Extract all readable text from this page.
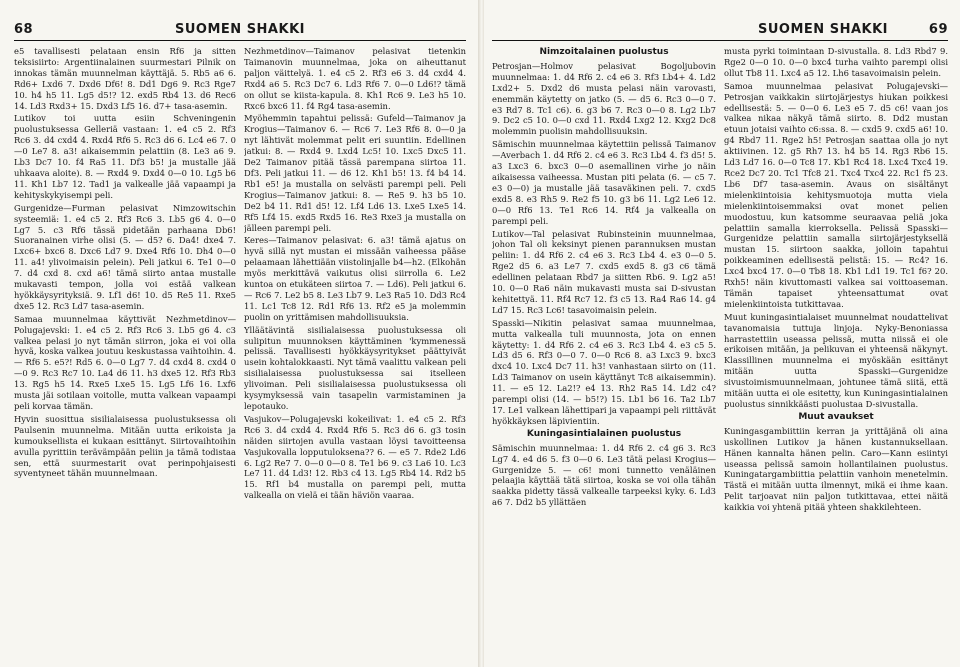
68	SUOMEN SHAKKI

e5 tavallisesti pelataan ensin Rf6 ja sitten teksisiirto: Argentiinalainen suurmestari Pilnik on innokas tämän muunnelman käyttäjä. 5. Rb5 a6 6. Rd6+ Lxd6 7. Dxd6 Df6! 8. Dd1 Dg6 9. Rc3 Rge7 10. h4 h5 11. Lg5 d5!? 12. exd5 Rb4 13. d6 Rec6 14. Ld3 Rxd3+ 15. Dxd3 Lf5 16. d7+ tasa-asemin.

Lutikov toi uutta esiin Schveningenin puolustuksessa Gelleriä vastaan: 1. e4 c5 2. Rf3 Rc6 3. d4 cxd4 4. Rxd4 Rf6 5. Rc3 d6 6. Lc4 e6 7. 0—0 Le7 8. a3! aikaisemmin pelattiin (8. Le3 a6 9. Lb3 Dc7 10. f4 Ra5 11. Df3 b5! ja mustalle jää uhkaava aloite). 8. — Rxd4 9. Dxd4 0—0 10. Lg5 b6 11. Kh1 Lb7 12. Tad1 ja valkealle jää vapaampi ja kehityskykyisempi peli.

Gurgenidze—Furman pelasivat Nimzowitschin systeemiä: 1. e4 c5 2. Rf3 Rc6 3. Lb5 g6 4. 0—0 Lg7 5. c3 Rf6 tässä pidetään parhaana Db6! Suoranainen virhe olisi (5. — d5? 6. Da4! dxe4 7. Lxc6+ bxc6 8. Dxc6 Ld7 9. Dxe4 Rf6 10. Dh4 0—0 11. a4! ylivoimaisin pelein). Peli jatkui 6. Te1 0—0 7. d4 cxd 8. cxd a6! tämä siirto antaa mustalle mukavasti tempon, jolla voi estää valkean hyökkäysyrityksiä. 9. Lf1 d6! 10. d5 Re5 11. Rxe5 dxe5 12. Rc3 Ld7 tasa-asemin.

Samaa muunnelmaa käyttivät Nezhmetdinov—Polugajevski: 1. e4 c5 2. Rf3 Rc6 3. Lb5 g6 4. c3 valkea pelasi jo nyt tämän siirron, joka ei voi olla hyvä, koska valkea joutuu keskustassa vaihtoihin. 4. — Rf6 5. e5?! Rd5 6. 0—0 Lg7 7. d4 cxd4 8. cxd4 0—0 9. Rc3 Rc7 10. La4 d6 11. h3 dxe5 12. Rf3 Rb3 13. Rg5 h5 14. Rxe5 Lxe5 15. Lg5 Lf6 16. Lxf6 musta jäi sotilaan voitolle, mutta valkean vapaampi peli korvaa tämän.

Hyvin suosittua sisilialaisessa puolustuksessa oli Paulsenin muunnelma. Mitään uutta erikoista ja kumouksellista ei kukaan esittänyt. Siirtovaihtoihin avulla pyrittiin terävämpään peliin ja tämä todistaa sen, että suurmestarit ovat perinpohjaisesti syventyneet tähän muunnelmaan.

Nezhmetdinov—Taimanov pelasivat tietenkin Taimanovin muunnelmaa, joka on aiheuttanut paljon väittelyä. 1. e4 c5 2. Rf3 e6 3. d4 cxd4 4. Rxd4 a6 5. Rc3 Dc7 6. Ld3 Rf6 7. 0—0 Ld6!? tämä on ollut se kiista-kapula. 8. Kh1 Rc6 9. Le3 h5 10. Rxc6 bxc6 11. f4 Rg4 tasa-asemin.

Myöhemmin tapahtui pelissä: Gufeld—Taimanov ja Krogius—Taimanov 6. — Rc6 7. Le3 Rf6 8. 0—0 ja nyt lähtivät molemmat pelit eri suuntiin. Edellinen jatkui: 8. — Rxd4 9. Lxd4 Lc5! 10. Lxc5 Dxc5 11. De2 Taimanov pitää tässä parempana siirtoa 11. Df3. Peli jatkui 11. — d6 12. Kh1 b5! 13. f4 b4 14. Rb1 e5! ja mustalla on selvästi parempi peli. Peli Krogius—Taimanov jatkui: 8. — Re5 9. h3 b5 10. De2 b4 11. Rd1 d5! 12. Lf4 Ld6 13. Lxe5 Lxe5 14. Rf5 Lf4 15. exd5 Rxd5 16. Re3 Rxe3 ja mustalla on jälleen parempi peli.

Keres—Taimanov pelasivat: 6. a3! tämä ajatus on hyvä sillä nyt mustan ei missään vaiheessa pääse pelaamaan lähettiään viistolinjalle b4—h2. (Elkohän myös merkittävä vaikutus olisi siirrolla 6. Le2 kuntoa on etukäteen siirtoa 7. — Ld6). Peli jatkui 6. — Rc6 7. Le2 b5 8. Le3 Lb7 9. Le3 Ra5 10. Dd3 Rc4 11. Lc1 Tc8 12. Rd1 Rf6 13. Rf2 e5 ja molemmin puolin on yrittämisen mahdollisuuksia.

Ylläätävintä sisilialaisessa puolustuksessa oli sulipitun muunnoksen käyttäminen 'kymmenessä pelissä. Tavallisesti hyökkäysyritykset päättyivät usein kohtalokkaasti. Nyt tämä vaalittu valkean peli sisilialaisessa puolustuksessa sai itselleen ylivoiman. Peli sisilialaisessa puolustuksessa oli kysymyksessä vain tasapelin varmistaminen ja lepotauko.

Vasjukov—Polugajevski kokeilivat: 1. e4 c5 2. Rf3 Rc6 3. d4 cxd4 4. Rxd4 Rf6 5. Rc3 d6 6. g3 tosin näiden siirtojen avulla vastaan löysi tavoitteensa Vasjukovalla lopputuloksena?? 6. — e5 7. Rde2 Ld6 6. Lg2 Re7 7. 0—0 0—0 8. Te1 b6 9. c3 La6 10. Lc3 Le7 11. d4 Ld3! 12. Rb3 c4 13. Lg5 Rb4 14. Rd2 b5 15. Rf1 b4 mustalla on parempi peli, mutta valkealla on vielä ei tään häviön vaaraa.

SUOMEN SHAKKI	69
Nimzoitalainen puolustus

Petrosjan—Holmov pelasivat Bogoljubovin muunnelmaa: 1. d4 Rf6 2. c4 e6 3. Rf3 Lb4+ 4. Ld2 Lxd2+ 5. Dxd2 d6 musta pelasi näin varovasti, enemmän käytetty on jatko (5. — d5 6. Rc3 0—0 7. e3 Rd7 8. Tc1 c6). 6. g3 b6 7. Rc3 0—0 8. Lg2 Lb7 9. Dc2 c5 10. 0—0 cxd 11. Rxd4 Lxg2 12. Kxg2 Dc8 molemmin puolisin mahdollisuuksin.

Sämischin muunnelmaa käytettiin pelissä Taimanov—Averbach 1. d4 Rf6 2. c4 e6 3. Rc3 Lb4 4. f3 d5! 5. a3 Lxc3 6. bxc3 0—0 asemallinen virhe jo näin aikaisessa vaiheessa. Mustan piti pelata (6. — c5 7. e3 0—0) ja mustalle jää tasaväkinen peli. 7. cxd5 exd5 8. e3 Rh5 9. Re2 f5 10. g3 b6 11. Lg2 Le6 12. 0—0 Rf6 13. Te1 Rc6 14. Rf4 ja valkealla on parempi peli.

Lutikov—Tal pelasivat Rubinsteinin muunnelmaa, johon Tal oli keksinyt pienen parannuksen mustan peliin: 1. d4 Rf6 2. c4 e6 3. Rc3 Lb4 4. e3 0—0 5. Rge2 d5 6. a3 Le7 7. cxd5 exd5 8. g3 c6 tämä edellinen pelataan Rbd7 ja siitten Rb6. 9. Lg2 a5! 10. 0—0 Ra6 näin mukavasti musta sai D-sivustan kehitettyä. 11. Rf4 Rc7 12. f3 c5 13. Ra4 Ra6 14. g4 Ld7 15. Rc3 Lc6! tasavoimaisin pelein.

Spasski—Nikitin pelasivat samaa muunnelmaa, mutta valkealla tuli muunnosta, jota on ennen käytetty: 1. d4 Rf6 2. c4 e6 3. Rc3 Lb4 4. e3 c5 5. Ld3 d5 6. Rf3 0—0 7. 0—0 Rc6 8. a3 Lxc3 9. bxc3 dxc4 10. Lxc4 Dc7 11. h3! vanhastaan siirto on (11. Ld3 Taimanov on usein käyttänyt Tc8 aikaisemmin). 11. — e5 12. La2!? e4 13. Rh2 Ra5 14. Ld2 c4? parempi olisi (14. — b5!?) 15. Lb1 b6 16. Ta2 Lb7 17. Le1 valkean lähettipari ja vapaampi peli riittävät hyökkäyksen läpivientiin.

Kuningasintialainen puolustus

Sämischin muunnelmaa: 1. d4 Rf6 2. c4 g6 3. Rc3 Lg7 4. e4 d6 5. f3 0—0 6. Le3 tätä pelasi Krogius—Gurgenidze 5. — c6! moni tunnetto venäläinen pelaajia käyttää tätä siirtoa, koska se voi olla tähän saakka pidetty tässä valkealle tarpeeksi kyky. 6. Ld3 a6 7. Dd2 b5 yllättäen

musta pyrki toimintaan D-sivustalla. 8. Ld3 Rbd7 9. Rge2 0—0 10. 0—0 bxc4 turha vaihto parempi olisi ollut Tb8 11. Lxc4 a5 12. Lh6 tasavoimaisin pelein.

Samoa muunnelmaa pelasivat Polugajevski—Petrosjan vaikkakin siirtojärjestys hiukan poikkesi edellisestä: 5. — 0—0 6. Le3 e5 7. d5 c6! vaan jos valkea nikaa näkyä tämä siirto. 8. Dd2 mustan etuun jotaisi vaihto c6:ssa. 8. — cxd5 9. cxd5 a6! 10. g4 Rbd7 11. Rge2 h5! Petrosjan saattaa olla jo nyt aktiivinen. 12. g5 Rh7 13. h4 b5 14. Rg3 Rb6 15. Ld3 Ld7 16. 0—0 Tc8 17. Kb1 Rc4 18. Lxc4 Txc4 19. Rce2 Dc7 20. Tc1 Tfc8 21. Txc4 Txc4 22. Rc1 f5 23. Lb6 Df7 tasa-asemin. Avaus on sisältänyt mielenkiintoisia kehitysmuotoja mutta viela mielenkiintoisemmaksi ovat monet pelien muodostuu, kun katsomme seuraavaa peliä joka pelattiin samalla kierroksella. Pelissä Spasski—Gurgenidze pelattiin samalla siirtojärjestyksellä mustan 15. siirtoon saakka, jolloin tapahtui poikkeaminen edellisestä pelistä: 15. — Rc4? 16. Lxc4 bxc4 17. 0—0 Tb8 18. Kb1 Ld1 19. Tc1 f6? 20. Rxh5! näin kivuttomasti valkea sai voittoaseman. Tämän tapaiset yhteensattumat ovat mielenkiintoista tutkittavaa.

Muut kuningasintialaiset muunnelmat noudattelivat tavanomaisia tuttuja linjoja. Nyky-Benoniassa harrastettiin useassa pelissä, mutta niissä ei ole erikoisen mitään, ja pelikuvan ei yhteensä näkynyt. Klassillinen muunnelma ei myöskään esittänyt mitään uutta Spasski—Gurgenidze sivustoimismuunnelmaan, johtunee tämä siitä, että mitään uutta ei ole esitetty, kun Kuningasintialainen puolustus sinnikkäästi puolustaa D-sivustalla.

Muut avaukset

Kuningasgambiittiin kerran ja yrittäjänä oli aina uskollinen Lutikov ja hänen kustannuksellaan. Hänen kannalta hänen pelin. Caro—Kann esiintyi useassa pelissä samoin hollantilainen puolustus. Kuningatargambiittia pelattiin vanhoin menetelmin. Tästä ei mitään uutta ilmennyt, mikä ei ihme kaan. Pelit tarjoavat niin paljon tutkittavaa, ettei näitä kaikkia voi yhtenä pitää yhteen shakkilehteen.
